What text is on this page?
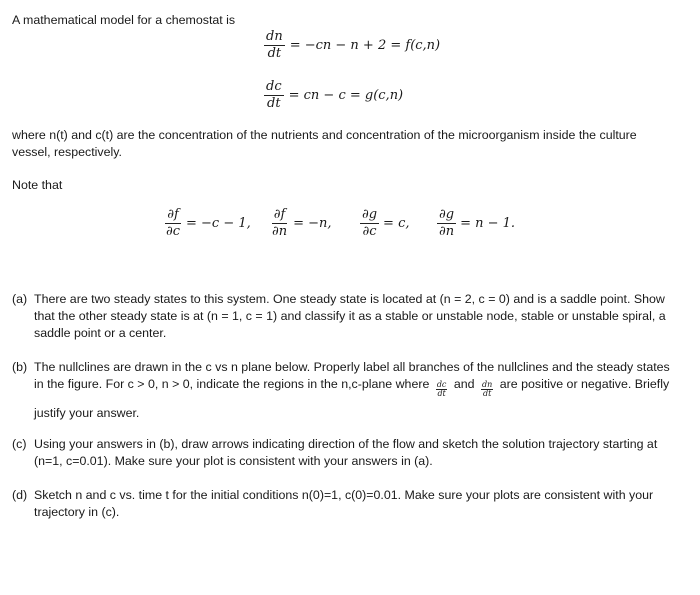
A mathematical model for a chemostat is
$\frac{dn}{dt} = -cn - n + 2 = f(c,n)$
$\frac{dc}{dt}$ = cn − c = g(c,n)
where n(t) and c(t) are the concentration of the nutrients and concentration of the microorganism inside the culture
vessel, respectively.
Note that
$\frac{\partial f}{\partial c} = -c - 1$, $\frac{\partial f}{\partial n} = -n$, $\frac{\partial g}{\partial c} = c$, $\frac{\partial g}{\partial n} = n - 1$.
(a) There are two steady states to this system. One steady state is located at (n = 2, c = 0) and is a saddle point. Show
that the other steady state is at (n = 1, c = 1) and classify it as a stable or unstable node, stable or unstable spiral, a
saddle point or a center.
(b) The nullclines are drawn in the c vs n plane below. Properly label all branches of the nullclines and the steady states
in the figure. For c > 0, n > 0, indicate the regions in the n,c-plane where $\frac{dc}{dt}$ and $\frac{dn}{dt}$ are positive or negative. Briefly
justify your answer.
(c) Using your answers in (b), draw arrows indicating direction of the flow and sketch the solution trajectory starting at
(n=1, c=0.01). Make sure your plot is consistent with your answers in (a).
(d) Sketch n and c vs. time t for the initial conditions n(0)=1, c(0)=0.01. Make sure your plots are consistent with your
trajectory in (c).
